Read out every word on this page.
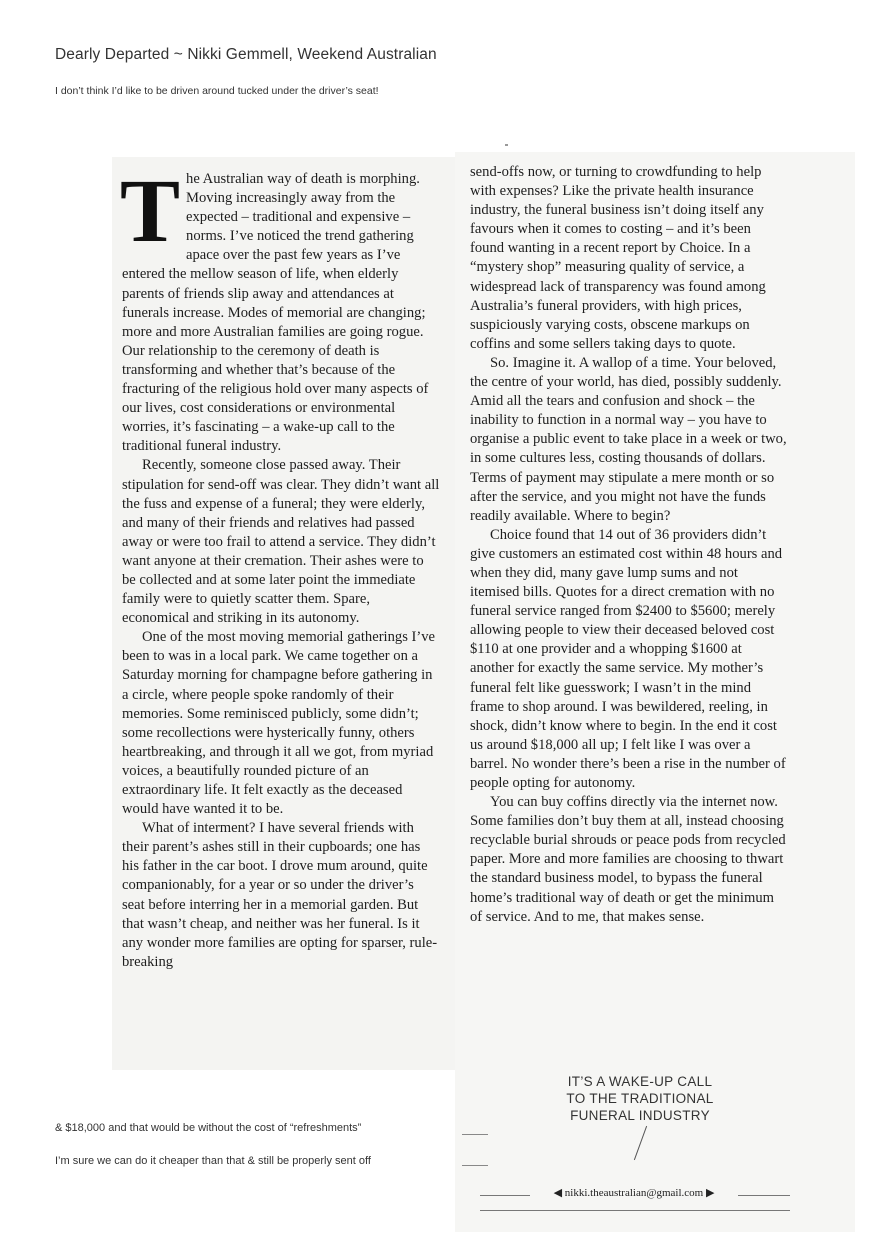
Dearly Departed ~ Nikki Gemmell, Weekend Australian
I don’t think I’d like to be driven around tucked under the driver’s seat!

The Australian way of death is morphing. Moving increasingly away from the expected – traditional and expensive – norms. I’ve noticed the trend gathering apace over the past few years as I’ve entered the mellow season of life, when elderly parents of friends slip away and attendances at funerals increase. Modes of memorial are changing; more and more Australian families are going rogue. Our relationship to the ceremony of death is transforming and whether that’s because of the fracturing of the religious hold over many aspects of our lives, cost considerations or environmental worries, it’s fascinating – a wake-up call to the traditional funeral industry.

Recently, someone close passed away. Their stipulation for send-off was clear. They didn’t want all the fuss and expense of a funeral; they were elderly, and many of their friends and relatives had passed away or were too frail to attend a service. They didn’t want anyone at their cremation. Their ashes were to be collected and at some later point the immediate family were to quietly scatter them. Spare, economical and striking in its autonomy.

One of the most moving memorial gatherings I’ve been to was in a local park. We came together on a Saturday morning for champagne before gathering in a circle, where people spoke randomly of their memories. Some reminisced publicly, some didn’t; some recollections were hysterically funny, others heartbreaking, and through it all we got, from myriad voices, a beautifully rounded picture of an extraordinary life. It felt exactly as the deceased would have wanted it to be.

What of interment? I have several friends with their parent’s ashes still in their cupboards; one has his father in the car boot. I drove mum around, quite companionably, for a year or so under the driver’s seat before interring her in a memorial garden. But that wasn’t cheap, and neither was her funeral. Is it any wonder more families are opting for sparser, rule-breaking

send-offs now, or turning to crowdfunding to help with expenses? Like the private health insurance industry, the funeral business isn’t doing itself any favours when it comes to costing – and it’s been found wanting in a recent report by Choice. In a “mystery shop” measuring quality of service, a widespread lack of transparency was found among Australia’s funeral providers, with high prices, suspiciously varying costs, obscene markups on coffins and some sellers taking days to quote.

So. Imagine it. A wallop of a time. Your beloved, the centre of your world, has died, possibly suddenly. Amid all the tears and confusion and shock – the inability to function in a normal way – you have to organise a public event to take place in a week or two, in some cultures less, costing thousands of dollars. Terms of payment may stipulate a mere month or so after the service, and you might not have the funds readily available. Where to begin?

Choice found that 14 out of 36 providers didn’t give customers an estimated cost within 48 hours and when they did, many gave lump sums and not itemised bills. Quotes for a direct cremation with no funeral service ranged from $2400 to $5600; merely allowing people to view their deceased beloved cost $110 at one provider and a whopping $1600 at another for exactly the same service. My mother’s funeral felt like guesswork; I wasn’t in the mind frame to shop around. I was bewildered, reeling, in shock, didn’t know where to begin. In the end it cost us around $18,000 all up; I felt like I was over a barrel. No wonder there’s been a rise in the number of people opting for autonomy.

You can buy coffins directly via the internet now. Some families don’t buy them at all, instead choosing recyclable burial shrouds or peace pods from recycled paper. More and more families are choosing to thwart the standard business model, to bypass the funeral home’s traditional way of death or get the minimum of service. And to me, that makes sense.

IT’S A WAKE-UP CALL
TO THE TRADITIONAL
FUNERAL INDUSTRY
◀ nikki.theaustralian@gmail.com ▶
& $18,000 and that would be without the cost of “refreshments”
I’m sure we can do it cheaper than that & still be properly sent off
